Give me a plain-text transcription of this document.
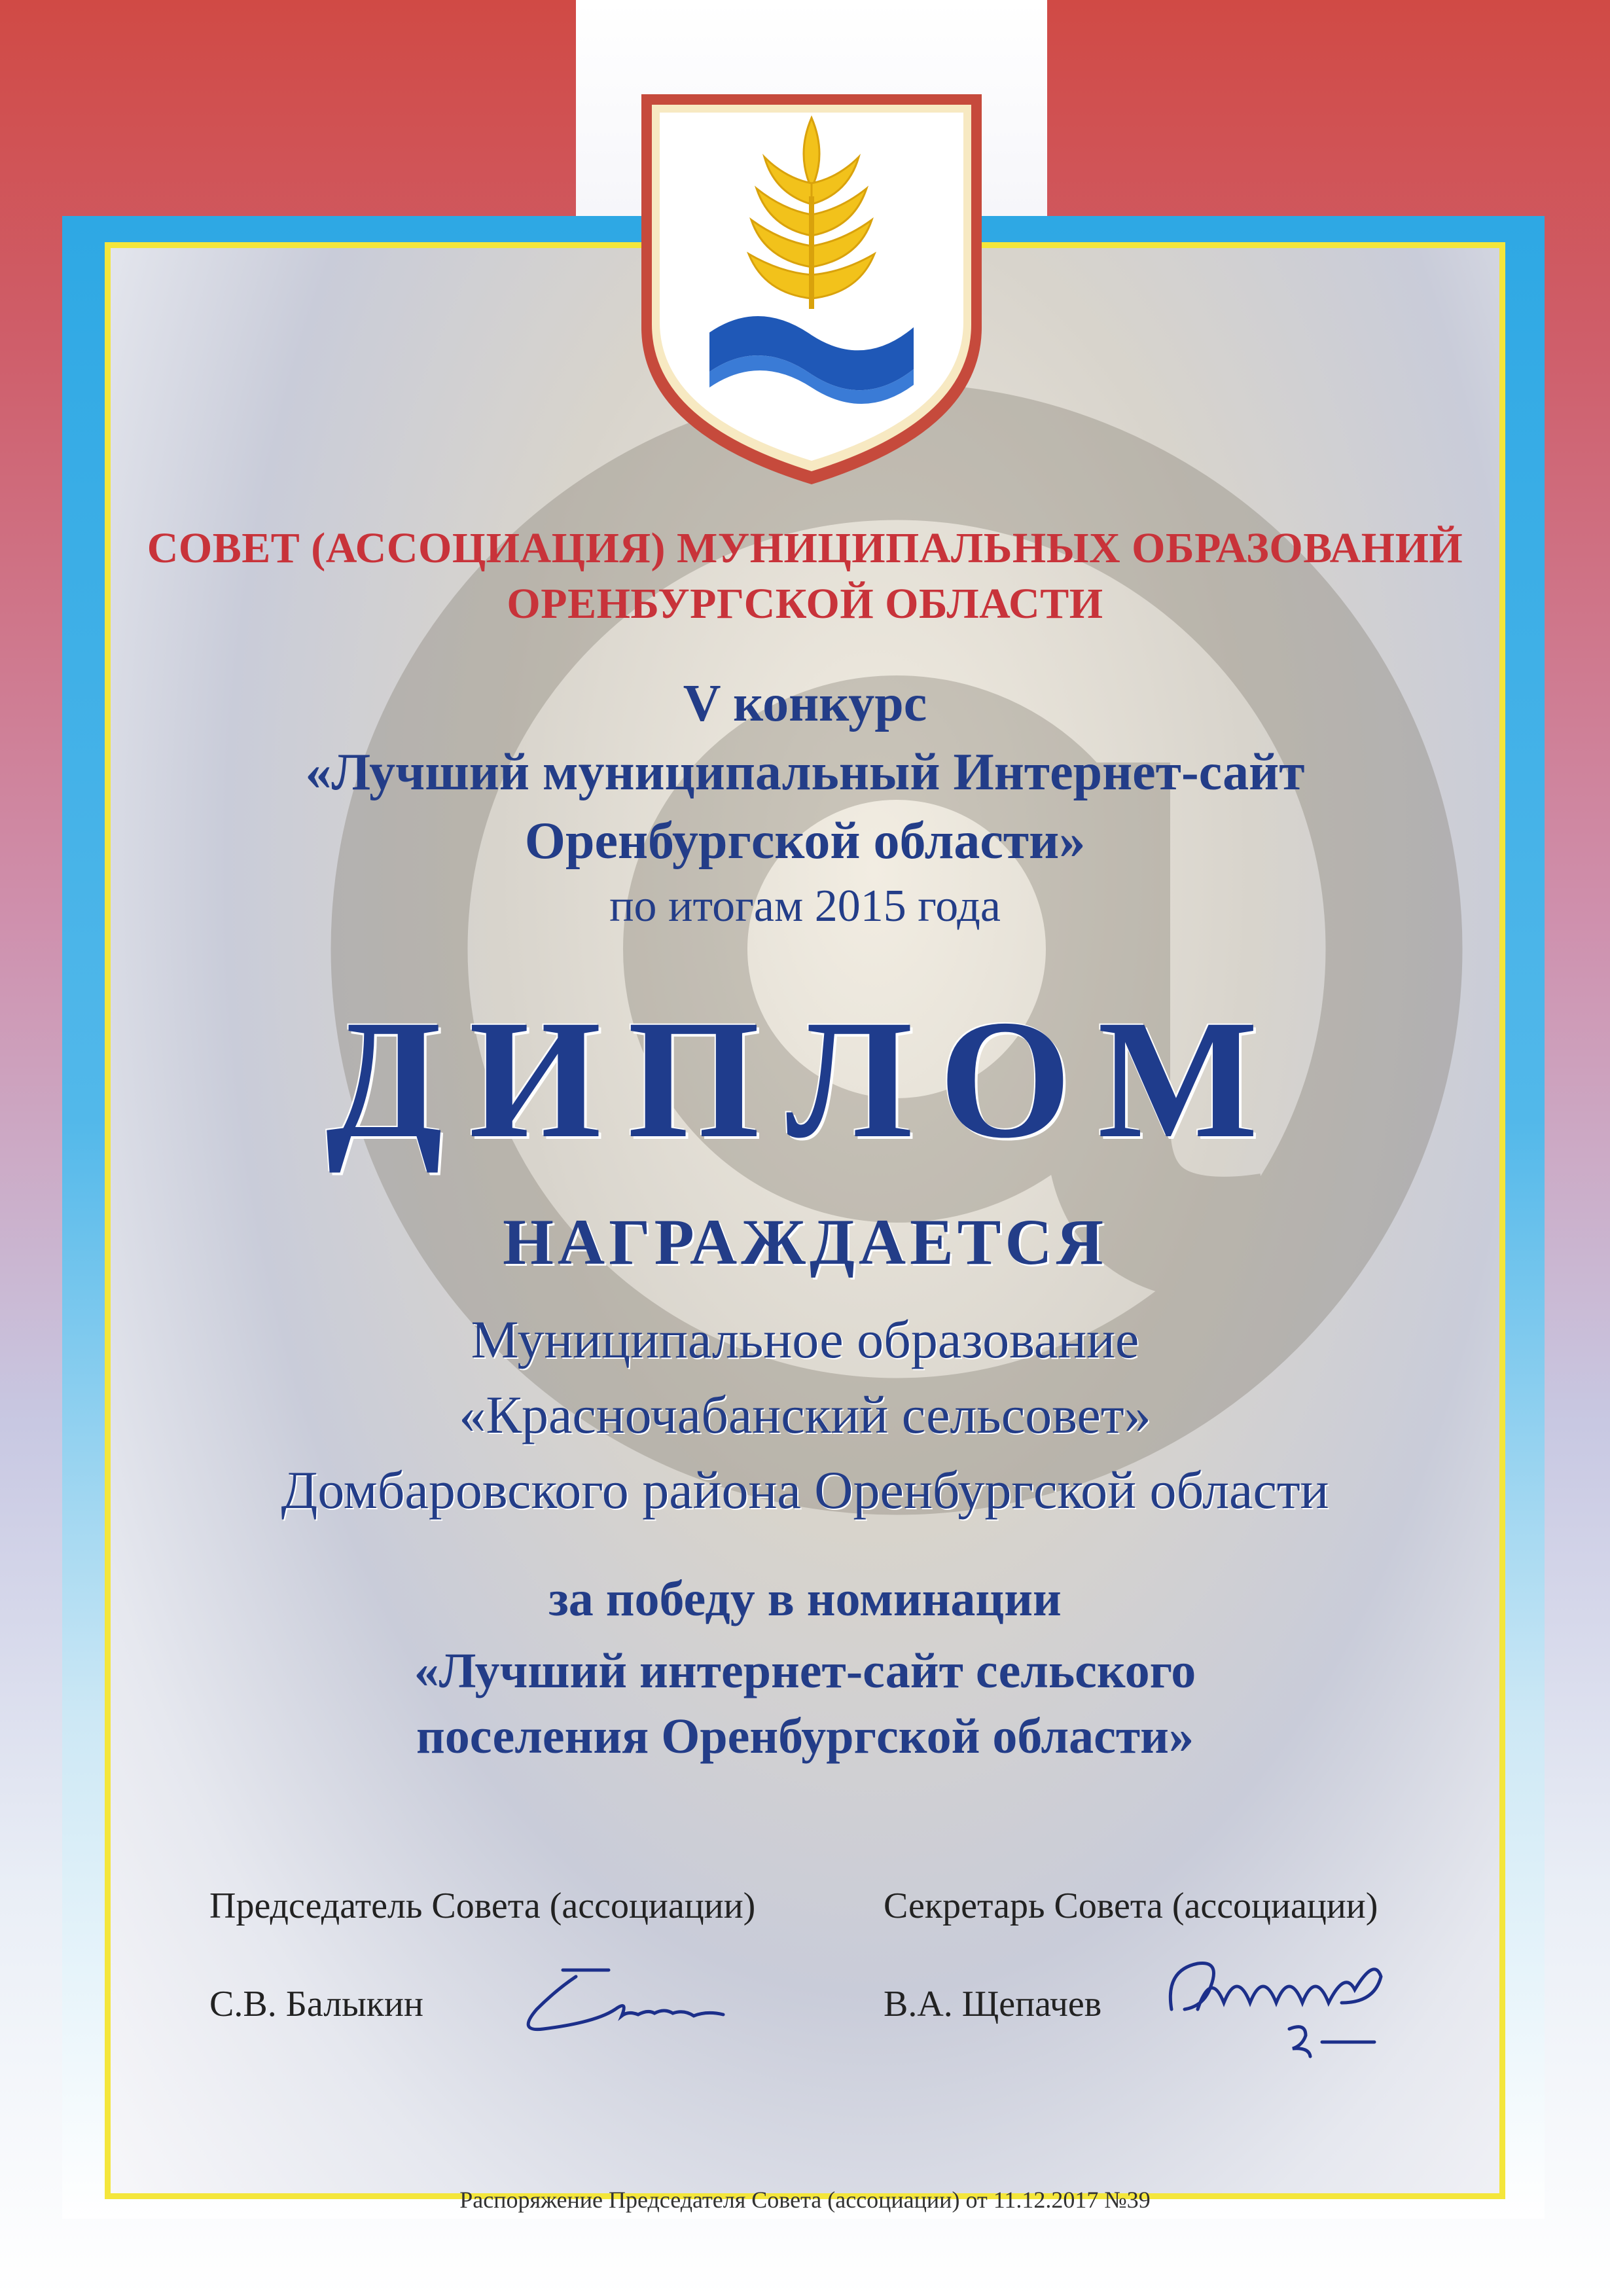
СОВЕТ (АССОЦИАЦИЯ) МУНИЦИПАЛЬНЫХ ОБРАЗОВАНИЙ
ОРЕНБУРГСКОЙ ОБЛАСТИ
V конкурс
«Лучший муниципальный Интернет-сайт
Оренбургской области»
по итогам 2015 года
ДИПЛОМ
НАГРАЖДАЕТСЯ
Муниципальное образование
«Красночабанский сельсовет»
Домбаровского района Оренбургской области
за победу в номинации
«Лучший интернет-сайт сельского
поселения Оренбургской области»
Председатель Совета (ассоциации)	Секретарь Совета (ассоциации)
С.В. Балыкин	В.А. Щепачев
Распоряжение Председателя Совета (ассоциации) от 11.12.2017 №39
